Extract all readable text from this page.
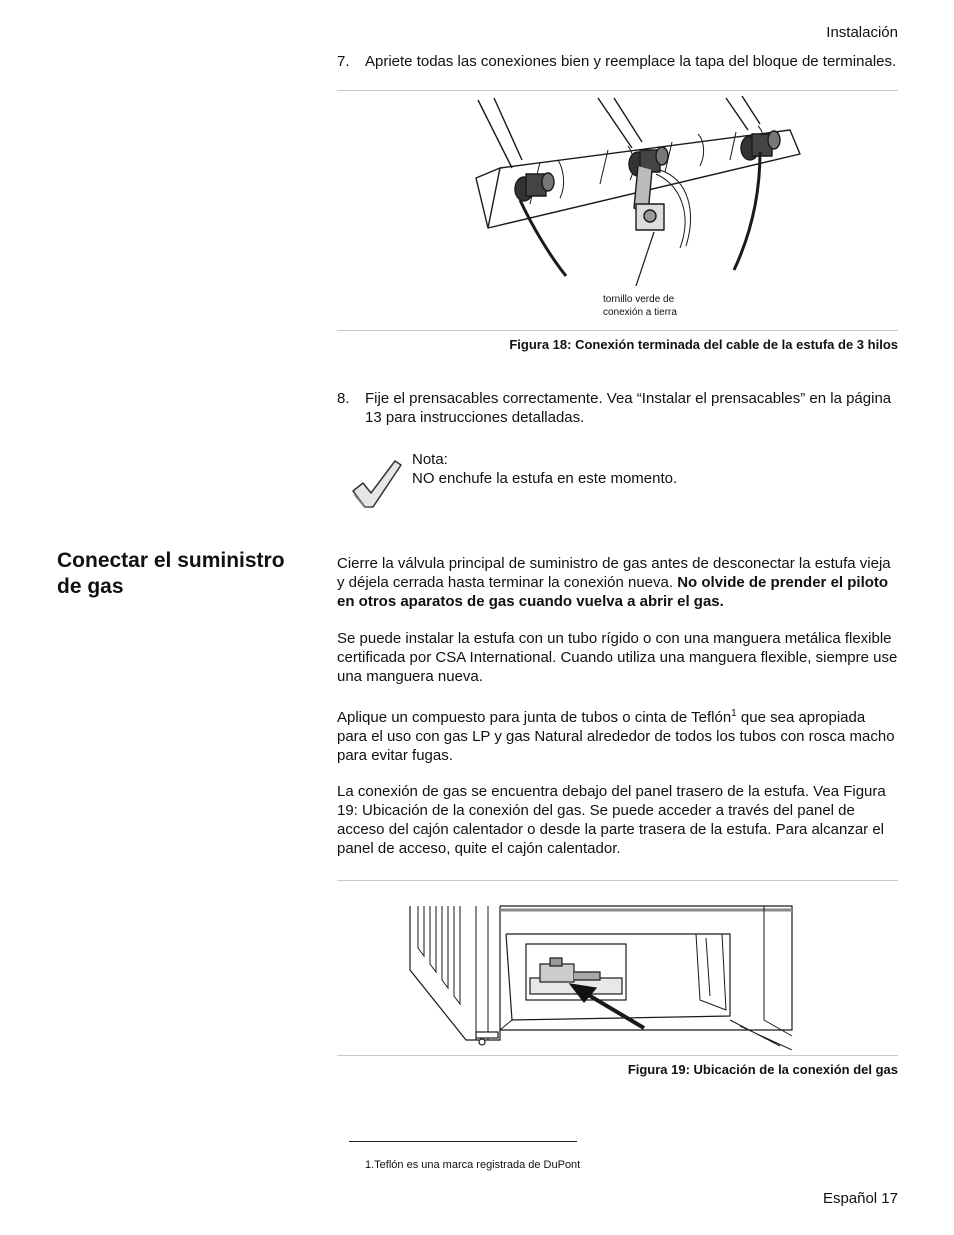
Instalación
7. Apriete todas las conexiones bien y reemplace la tapa del bloque de terminales.
tornillo verde de
conexión a tierra
Figura 18: Conexión terminada del cable de la estufa de 3 hilos
8. Fije el prensacables correctamente. Vea “Instalar el prensacables” en la página 13 para instrucciones detalladas.
Nota:
NO enchufe la estufa en este momento.
Conectar el suministro de gas

Cierre la válvula principal de suministro de gas antes de desconectar la estufa vieja y déjela cerrada hasta terminar la conexión nueva. No olvide de prender el piloto en otros aparatos de gas cuando vuelva a abrir el gas.

Se puede instalar la estufa con un tubo rígido o con una manguera metálica flexible certificada por CSA International. Cuando utiliza una manguera flexible, siempre use una manguera nueva.

Aplique un compuesto para junta de tubos o cinta de Teflón$^1$ que sea apropiada para el uso con gas LP y gas Natural alrededor de todos los tubos con rosca macho para evitar fugas.

La conexión de gas se encuentra debajo del panel trasero de la estufa. Vea Figura 19: Ubicación de la conexión del gas. Se puede acceder a través del panel de acceso del cajón calentador o desde la parte trasera de la estufa. Para alcanzar el panel de acceso, quite el cajón calentador.

Figura 19: Ubicación de la conexión del gas
1.Teflón es una marca registrada de DuPont
Español 17
